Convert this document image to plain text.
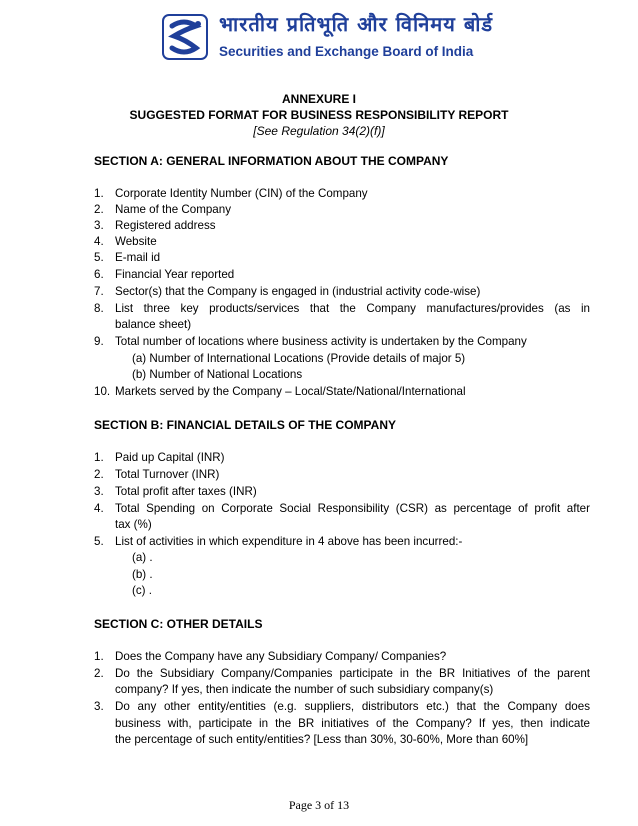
भारतीय प्रतिभूति और विनिमय बोर्ड
Securities and Exchange Board of India
ANNEXURE I
SUGGESTED FORMAT FOR BUSINESS RESPONSIBILITY REPORT
[See Regulation 34(2)(f)]
SECTION A: GENERAL INFORMATION ABOUT THE COMPANY
1. Corporate Identity Number (CIN) of the Company
2. Name of the Company
3. Registered address
4. Website
5. E-mail id
6. Financial Year reported
7. Sector(s) that the Company is engaged in (industrial activity code-wise)
8. List three key products/services that the Company manufactures/provides (as in
balance sheet)
9. Total number of locations where business activity is undertaken by the Company
(a) Number of International Locations (Provide details of major 5)
(b) Number of National Locations
10. Markets served by the Company – Local/State/National/International
SECTION B: FINANCIAL DETAILS OF THE COMPANY
1. Paid up Capital (INR)
2. Total Turnover (INR)
3. Total profit after taxes (INR)
4. Total Spending on Corporate Social Responsibility (CSR) as percentage of profit after
tax (%)
5. List of activities in which expenditure in 4 above has been incurred:-
(a) .
(b) .
(c) .
SECTION C: OTHER DETAILS
1. Does the Company have any Subsidiary Company/ Companies?
2. Do the Subsidiary Company/Companies participate in the BR Initiatives of the parent
company? If yes, then indicate the number of such subsidiary company(s)
3. Do any other entity/entities (e.g. suppliers, distributors etc.) that the Company does
business with, participate in the BR initiatives of the Company? If yes, then indicate
the percentage of such entity/entities? [Less than 30%, 30-60%, More than 60%]
Page 3 of 13
